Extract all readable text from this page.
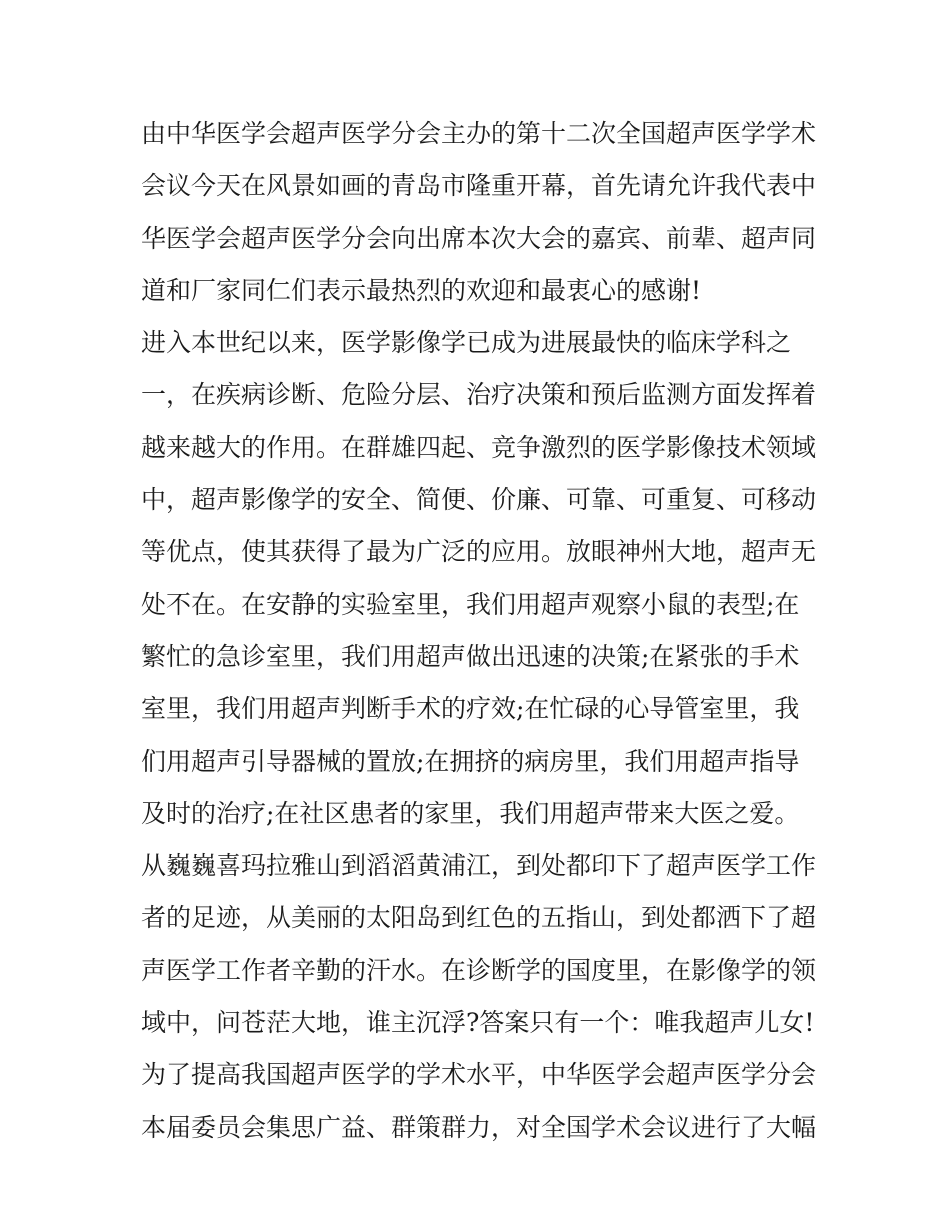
由中华医学会超声医学分会主办的第十二次全国超声医学学术
会议今天在风景如画的青岛市隆重开幕，首先请允许我代表中
华医学会超声医学分会向出席本次大会的嘉宾、前辈、超声同
道和厂家同仁们表示最热烈的欢迎和最衷心的感谢!
进入本世纪以来，医学影像学已成为进展最快的临床学科之
一，在疾病诊断、危险分层、治疗决策和预后监测方面发挥着
越来越大的作用。在群雄四起、竞争激烈的医学影像技术领域
中，超声影像学的安全、简便、价廉、可靠、可重复、可移动
等优点，使其获得了最为广泛的应用。放眼神州大地，超声无
处不在。在安静的实验室里，我们用超声观察小鼠的表型;在
繁忙的急诊室里，我们用超声做出迅速的决策;在紧张的手术
室里，我们用超声判断手术的疗效;在忙碌的心导管室里，我
们用超声引导器械的置放;在拥挤的病房里，我们用超声指导
及时的治疗;在社区患者的家里，我们用超声带来大医之爱。
从巍巍喜玛拉雅山到滔滔黄浦江，到处都印下了超声医学工作
者的足迹，从美丽的太阳岛到红色的五指山，到处都洒下了超
声医学工作者辛勤的汗水。在诊断学的国度里，在影像学的领
域中，问苍茫大地，谁主沉浮?答案只有一个：唯我超声儿女!
为了提高我国超声医学的学术水平，中华医学会超声医学分会
本届委员会集思广益、群策群力，对全国学术会议进行了大幅
